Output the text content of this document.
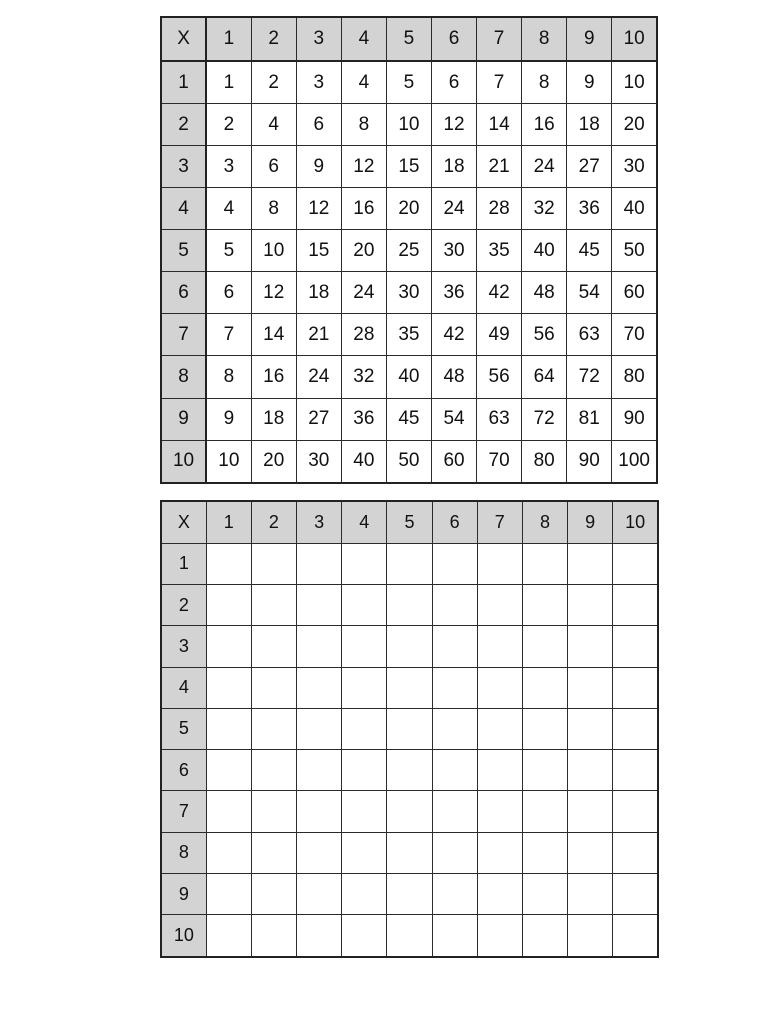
X	1	2	3	4	5	6	7	8	9	10
1	1	2	3	4	5	6	7	8	9	10
2	2	4	6	8	10	12	14	16	18	20
3	3	6	9	12	15	18	21	24	27	30
4	4	8	12	16	20	24	28	32	36	40
5	5	10	15	20	25	30	35	40	45	50
6	6	12	18	24	30	36	42	48	54	60
7	7	14	21	28	35	42	49	56	63	70
8	8	16	24	32	40	48	56	64	72	80
9	9	18	27	36	45	54	63	72	81	90
10	10	20	30	40	50	60	70	80	90	100
X	1	2	3	4	5	6	7	8	9	10
1										
2										
3										
4										
5										
6										
7										
8										
9										
10										
